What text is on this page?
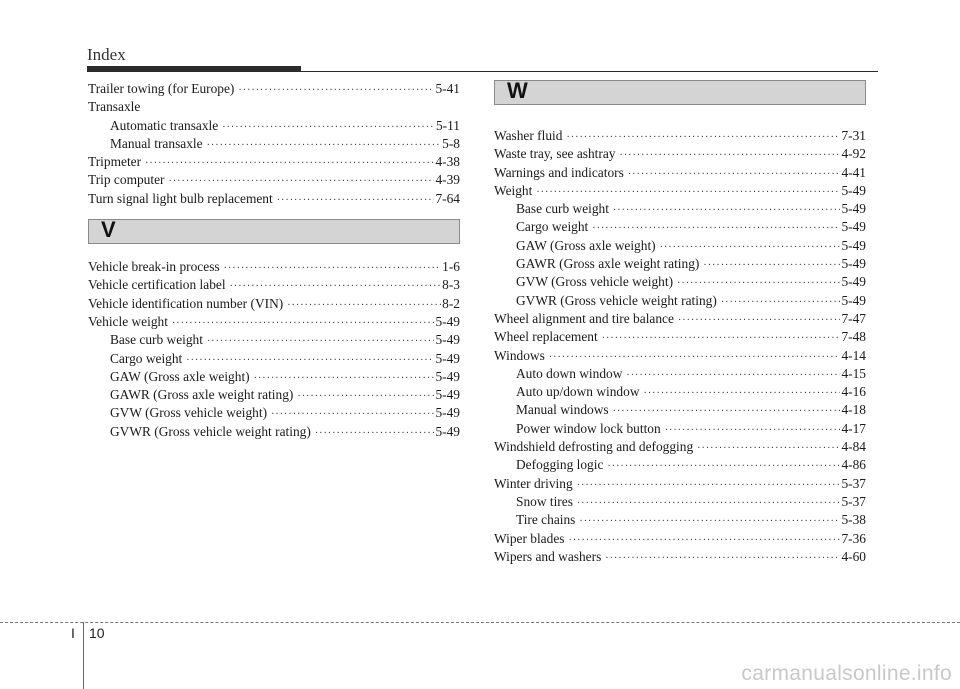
Index
Trailer towing (for Europe) ·····	5-41
Transaxle
Automatic transaxle ·····	5-11
Manual transaxle ·····	5-8
Tripmeter ·····	4-38
Trip computer ·····	4-39
Turn signal light bulb replacement ·····	7-64
V
Vehicle break-in process ·····	1-6
Vehicle certification label ·····	8-3
Vehicle identification number (VIN) ·····	8-2
Vehicle weight ·····	5-49
Base curb weight ·····	5-49
Cargo weight ·····	5-49
GAW (Gross axle weight) ·····	5-49
GAWR (Gross axle weight rating) ·····	5-49
GVW (Gross vehicle weight) ·····	5-49
GVWR (Gross vehicle weight rating) ·····	5-49
W
Washer fluid ·····	7-31
Waste tray, see ashtray ·····	4-92
Warnings and indicators ·····	4-41
Weight ·····	5-49
Base curb weight ·····	5-49
Cargo weight ·····	5-49
GAW (Gross axle weight) ·····	5-49
GAWR (Gross axle weight rating) ·····	5-49
GVW (Gross vehicle weight) ·····	5-49
GVWR (Gross vehicle weight rating) ·····	5-49
Wheel alignment and tire balance ·····	7-47
Wheel replacement ·····	7-48
Windows ·····	4-14
Auto down window ·····	4-15
Auto up/down window ·····	4-16
Manual windows ·····	4-18
Power window lock button ·····	4-17
Windshield defrosting and defogging ·····	4-84
Defogging logic ·····	4-86
Winter driving ·····	5-37
Snow tires ·····	5-37
Tire chains ·····	5-38
Wiper blades ·····	7-36
Wipers and washers ·····	4-60
I 10
carmanualsonline.info
